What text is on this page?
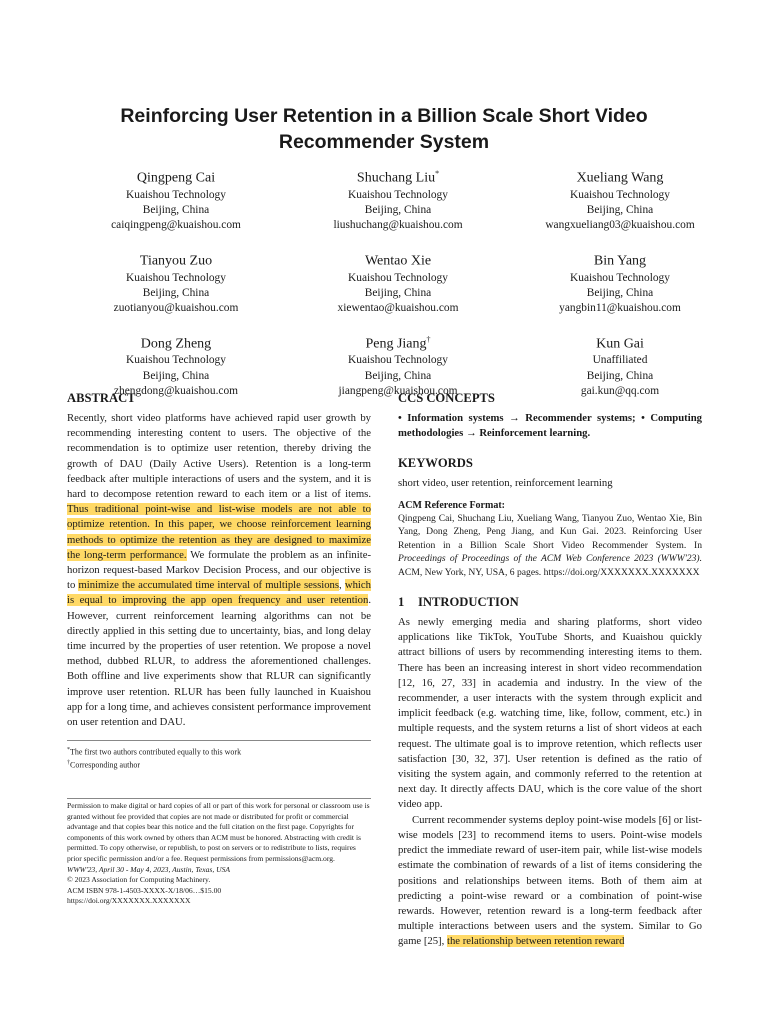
Reinforcing User Retention in a Billion Scale Short Video
Recommender System
Qingpeng Cai
Kuaishou Technology
Beijing, China
caiqingpeng@kuaishou.com
Shuchang Liu*
Kuaishou Technology
Beijing, China
liushuchang@kuaishou.com
Xueliang Wang
Kuaishou Technology
Beijing, China
wangxueliang03@kuaishou.com
Tianyou Zuo
Kuaishou Technology
Beijing, China
zuotianyou@kuaishou.com
Wentao Xie
Kuaishou Technology
Beijing, China
xiewentao@kuaishou.com
Bin Yang
Kuaishou Technology
Beijing, China
yangbin11@kuaishou.com
Dong Zheng
Kuaishou Technology
Beijing, China
zhengdong@kuaishou.com
Peng Jiang†
Kuaishou Technology
Beijing, China
jiangpeng@kuaishou.com
Kun Gai
Unaffiliated
Beijing, China
gai.kun@qq.com
ABSTRACT

Recently, short video platforms have achieved rapid user growth by recommending interesting content to users. The objective of the recommendation is to optimize user retention, thereby driving the growth of DAU (Daily Active Users). Retention is a long-term feedback after multiple interactions of users and the system, and it is hard to decompose retention reward to each item or a list of items. Thus traditional point-wise and list-wise models are not able to optimize retention. In this paper, we choose reinforcement learning methods to optimize the retention as they are designed to maximize the long-term performance. We formulate the problem as an infinite-horizon request-based Markov Decision Process, and our objective is to minimize the accumulated time interval of multiple sessions, which is equal to improving the app open frequency and user retention. However, current reinforcement learning algorithms can not be directly applied in this setting due to uncertainty, bias, and long delay time incurred by the properties of user retention. We propose a novel method, dubbed RLUR, to address the aforementioned challenges. Both offline and live experiments show that RLUR can significantly improve user retention. RLUR has been fully launched in Kuaishou app for a long time, and achieves consistent performance improvement on user retention and DAU.

*The first two authors contributed equally to this work
†Corresponding author

Permission to make digital or hard copies of all or part of this work for personal or classroom use is granted without fee provided that copies are not made or distributed for profit or commercial advantage and that copies bear this notice and the full citation on the first page. Copyrights for components of this work owned by others than ACM must be honored. Abstracting with credit is permitted. To copy otherwise, or republish, to post on servers or to redistribute to lists, requires prior specific permission and/or a fee. Request permissions from permissions@acm.org.

WWW'23, April 30 - May 4, 2023, Austin, Texas, USA

© 2023 Association for Computing Machinery.

ACM ISBN 978-1-4503-XXXX-X/18/06…$15.00

https://doi.org/XXXXXXX.XXXXXXX

CCS CONCEPTS
• Information systems → Recommender systems; • Computing methodologies → Reinforcement learning.
KEYWORDS
short video, user retention, reinforcement learning
ACM Reference Format:

Qingpeng Cai, Shuchang Liu, Xueliang Wang, Tianyou Zuo, Wentao Xie, Bin Yang, Dong Zheng, Peng Jiang, and Kun Gai. 2023. Reinforcing User Retention in a Billion Scale Short Video Recommender System. In Proceedings of Proceedings of the ACM Web Conference 2023 (WWW'23). ACM, New York, NY, USA, 6 pages. https://doi.org/XXXXXXX.XXXXXXX

1 INTRODUCTION

As newly emerging media and sharing platforms, short video applications like TikTok, YouTube Shorts, and Kuaishou quickly attract billions of users by recommending interesting items to them. There has been an increasing interest in short video recommendation [12, 16, 27, 33] in academia and industry. In the view of the recommender, a user interacts with the system through explicit and implicit feedback (e.g. watching time, like, follow, comment, etc.) in multiple requests, and the system returns a list of short videos at each request. The ultimate goal is to improve retention, which reflects user satisfaction [30, 32, 37]. User retention is defined as the ratio of visiting the system again, and commonly referred to the retention at next day. It directly affects DAU, which is the core value of the short video app.

Current recommender systems deploy point-wise models [6] or list-wise models [23] to recommend items to users. Point-wise models predict the immediate reward of user-item pair, while list-wise models estimate the combination of rewards of a list of items considering the positions and relationships between items. Both of them aim at predicting a point-wise reward or a combination of point-wise rewards. However, retention reward is a long-term feedback after multiple interactions between users and the system. Similar to Go game [25], the relationship between retention reward
